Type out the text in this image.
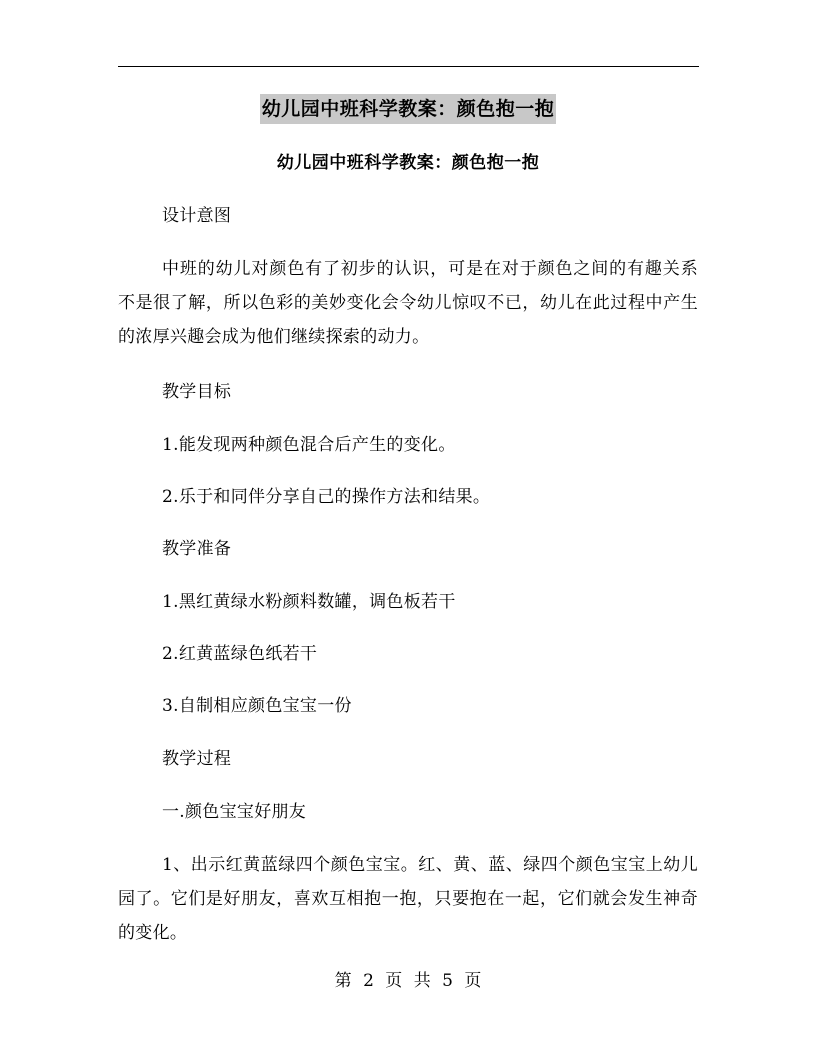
幼儿园中班科学教案：颜色抱一抱
幼儿园中班科学教案：颜色抱一抱

设计意图

中班的幼儿对颜色有了初步的认识，可是在对于颜色之间的有趣关系不是很了解，所以色彩的美妙变化会令幼儿惊叹不已，幼儿在此过程中产生的浓厚兴趣会成为他们继续探索的动力。

教学目标

1.能发现两种颜色混合后产生的变化。

2.乐于和同伴分享自己的操作方法和结果。

教学准备

1.黑红黄绿水粉颜料数罐，调色板若干

2.红黄蓝绿色纸若干

3.自制相应颜色宝宝一份

教学过程

一.颜色宝宝好朋友

1、出示红黄蓝绿四个颜色宝宝。红、黄、蓝、绿四个颜色宝宝上幼儿园了。它们是好朋友，喜欢互相抱一抱，只要抱在一起，它们就会发生神奇的变化。

第 2 页 共 5 页
